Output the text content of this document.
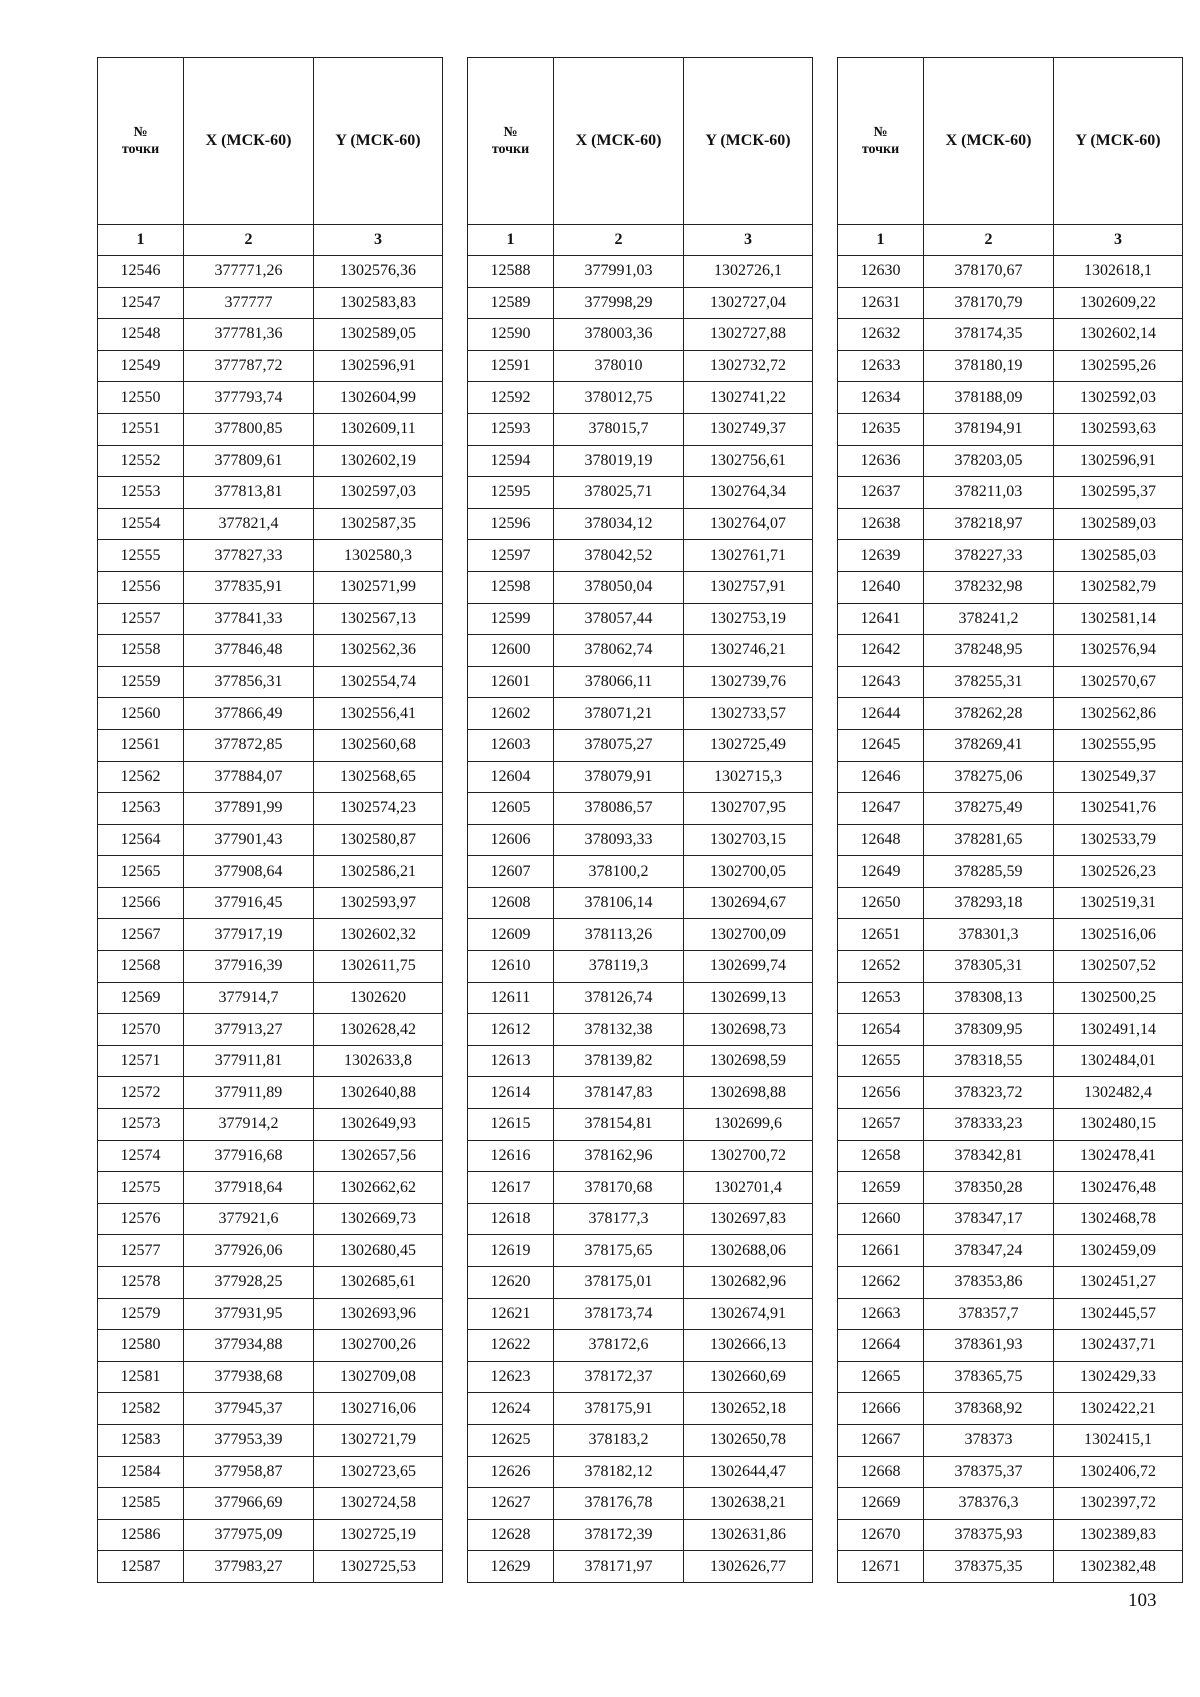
№
точки	X (МСК-60)	Y (МСК-60)
1	2	3
12546	377771,26	1302576,36
12547	377777	1302583,83
12548	377781,36	1302589,05
12549	377787,72	1302596,91
12550	377793,74	1302604,99
12551	377800,85	1302609,11
12552	377809,61	1302602,19
12553	377813,81	1302597,03
12554	377821,4	1302587,35
12555	377827,33	1302580,3
12556	377835,91	1302571,99
12557	377841,33	1302567,13
12558	377846,48	1302562,36
12559	377856,31	1302554,74
12560	377866,49	1302556,41
12561	377872,85	1302560,68
12562	377884,07	1302568,65
12563	377891,99	1302574,23
12564	377901,43	1302580,87
12565	377908,64	1302586,21
12566	377916,45	1302593,97
12567	377917,19	1302602,32
12568	377916,39	1302611,75
12569	377914,7	1302620
12570	377913,27	1302628,42
12571	377911,81	1302633,8
12572	377911,89	1302640,88
12573	377914,2	1302649,93
12574	377916,68	1302657,56
12575	377918,64	1302662,62
12576	377921,6	1302669,73
12577	377926,06	1302680,45
12578	377928,25	1302685,61
12579	377931,95	1302693,96
12580	377934,88	1302700,26
12581	377938,68	1302709,08
12582	377945,37	1302716,06
12583	377953,39	1302721,79
12584	377958,87	1302723,65
12585	377966,69	1302724,58
12586	377975,09	1302725,19
12587	377983,27	1302725,53
№
точки	X (МСК-60)	Y (МСК-60)
1	2	3
12588	377991,03	1302726,1
12589	377998,29	1302727,04
12590	378003,36	1302727,88
12591	378010	1302732,72
12592	378012,75	1302741,22
12593	378015,7	1302749,37
12594	378019,19	1302756,61
12595	378025,71	1302764,34
12596	378034,12	1302764,07
12597	378042,52	1302761,71
12598	378050,04	1302757,91
12599	378057,44	1302753,19
12600	378062,74	1302746,21
12601	378066,11	1302739,76
12602	378071,21	1302733,57
12603	378075,27	1302725,49
12604	378079,91	1302715,3
12605	378086,57	1302707,95
12606	378093,33	1302703,15
12607	378100,2	1302700,05
12608	378106,14	1302694,67
12609	378113,26	1302700,09
12610	378119,3	1302699,74
12611	378126,74	1302699,13
12612	378132,38	1302698,73
12613	378139,82	1302698,59
12614	378147,83	1302698,88
12615	378154,81	1302699,6
12616	378162,96	1302700,72
12617	378170,68	1302701,4
12618	378177,3	1302697,83
12619	378175,65	1302688,06
12620	378175,01	1302682,96
12621	378173,74	1302674,91
12622	378172,6	1302666,13
12623	378172,37	1302660,69
12624	378175,91	1302652,18
12625	378183,2	1302650,78
12626	378182,12	1302644,47
12627	378176,78	1302638,21
12628	378172,39	1302631,86
12629	378171,97	1302626,77
№
точки	X (МСК-60)	Y (МСК-60)
1	2	3
12630	378170,67	1302618,1
12631	378170,79	1302609,22
12632	378174,35	1302602,14
12633	378180,19	1302595,26
12634	378188,09	1302592,03
12635	378194,91	1302593,63
12636	378203,05	1302596,91
12637	378211,03	1302595,37
12638	378218,97	1302589,03
12639	378227,33	1302585,03
12640	378232,98	1302582,79
12641	378241,2	1302581,14
12642	378248,95	1302576,94
12643	378255,31	1302570,67
12644	378262,28	1302562,86
12645	378269,41	1302555,95
12646	378275,06	1302549,37
12647	378275,49	1302541,76
12648	378281,65	1302533,79
12649	378285,59	1302526,23
12650	378293,18	1302519,31
12651	378301,3	1302516,06
12652	378305,31	1302507,52
12653	378308,13	1302500,25
12654	378309,95	1302491,14
12655	378318,55	1302484,01
12656	378323,72	1302482,4
12657	378333,23	1302480,15
12658	378342,81	1302478,41
12659	378350,28	1302476,48
12660	378347,17	1302468,78
12661	378347,24	1302459,09
12662	378353,86	1302451,27
12663	378357,7	1302445,57
12664	378361,93	1302437,71
12665	378365,75	1302429,33
12666	378368,92	1302422,21
12667	378373	1302415,1
12668	378375,37	1302406,72
12669	378376,3	1302397,72
12670	378375,93	1302389,83
12671	378375,35	1302382,48
103
